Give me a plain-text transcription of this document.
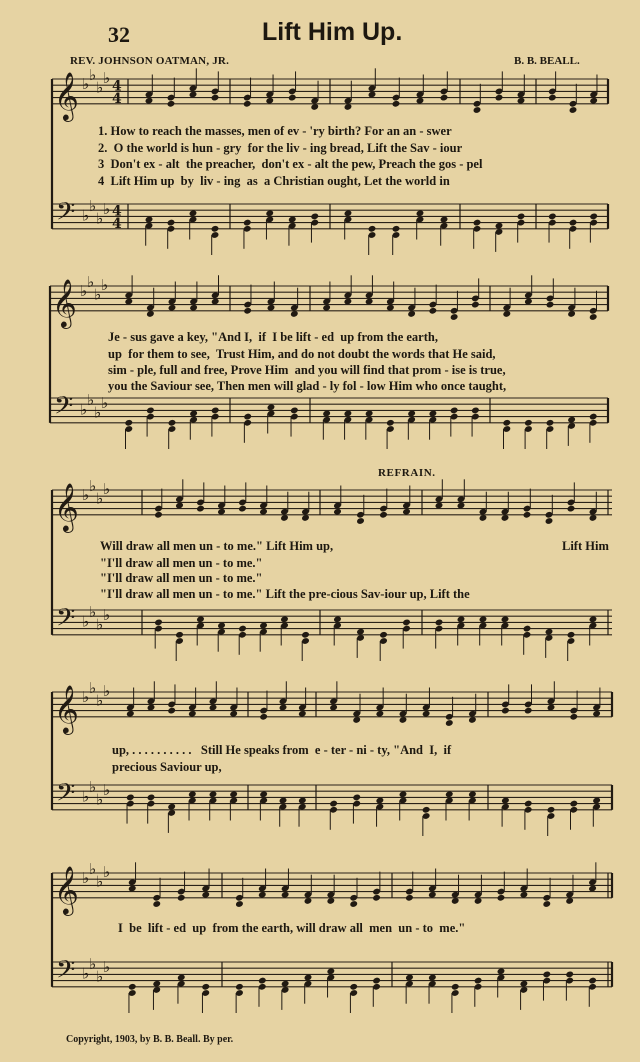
32	Lift Him Up.
REV. JOHNSON OATMAN, JR.	B. B. BEALL.
𝄞
𝄢
♭
♭
♭
♭
♭
♭
♭
♭
4
4
4
4
𝄞
𝄢
♭
♭
♭
♭
♭
♭
♭
♭
𝄞
𝄢
♭
♭
♭
♭
♭
♭
♭
♭
𝄞
𝄢
♭
♭
♭
♭
♭
♭
♭
♭
𝄞
𝄢
♭
♭
♭
♭
♭
♭
♭
♭
1. How to reach the masses, men of ev - 'ry birth? For an an - swer
2.  O the world is hun - gry  for the liv - ing bread, Lift the Sav - iour
3  Don't ex - alt  the preacher,  don't ex - alt the pew, Preach the gos - pel
4  Lift Him up  by  liv - ing  as  a Christian ought, Let the world in
Je - sus gave a key, "And I,  if  I be lift - ed  up from the earth,
up  for them to see,  Trust Him, and do not doubt the words that He said,
sim - ple, full and free, Prove Him  and you will find that prom - ise is true,
you the Saviour see, Then men will glad - ly fol - low Him who once taught,
REFRAIN.
Will draw all men un - to me." Lift Him up,	Lift Him
"I'll draw all men un - to me."
"I'll draw all men un - to me."
"I'll draw all men un - to me." Lift the pre-cious Sav-iour up, Lift the
up, . . . . . . . . . .   Still He speaks from  e - ter - ni - ty, "And  I,  if
precious Saviour up,
I  be  lift - ed  up  from the earth, will draw all  men  un - to  me."
Copyright, 1903, by B. B. Beall. By per.
